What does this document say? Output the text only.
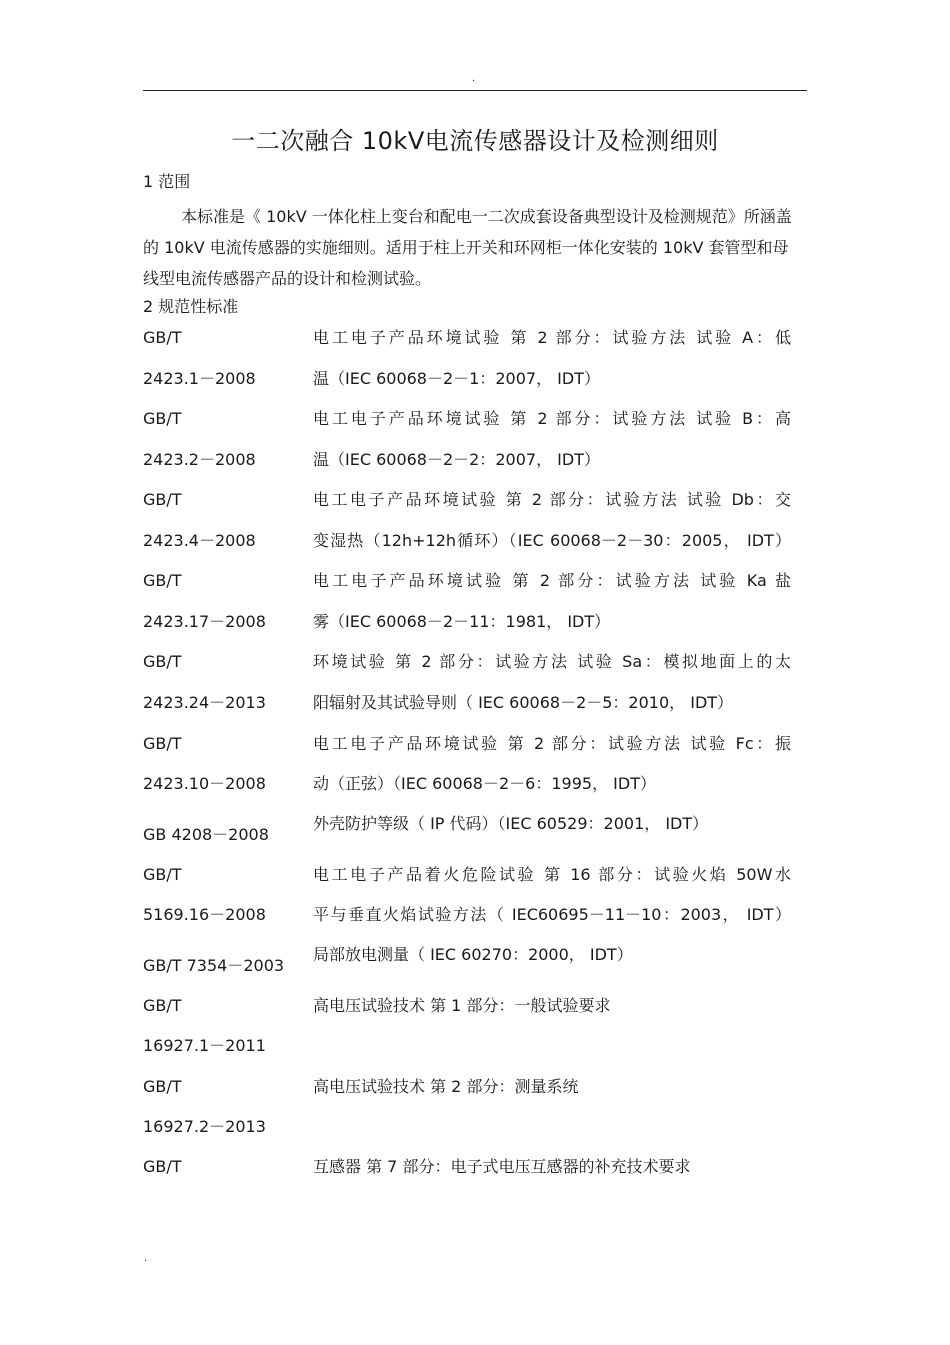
.
一二次融合 10kV电流传感器设计及检测细则
1 范围
本标准是《 10kV 一体化柱上变台和配电一二次成套设备典型设计及检测规范》所涵盖的 10kV 电流传感器的实施细则。适用于柱上开关和环网柜一体化安装的 10kV 套管型和母线型电流传感器产品的设计和检测试验。
2 规范性标准
GB/T
2423.1－2008
电工电子产品环境试验 第 2 部分：试验方法 试验 A：低
温（IEC 60068－2－1：2007， IDT）
GB/T
2423.2－2008
电工电子产品环境试验 第 2 部分：试验方法 试验 B：高
温（IEC 60068－2－2：2007， IDT）
GB/T
2423.4－2008
电工电子产品环境试验 第 2 部分：试验方法 试验 Db：交
变湿热（12h+12h循环）（IEC 60068－2－30：2005， IDT）
GB/T
2423.17－2008
电工电子产品环境试验 第 2 部分：试验方法 试验 Ka 盐
雾（IEC 60068－2－11：1981， IDT）
GB/T
2423.24－2013
环境试验 第 2 部分：试验方法 试验 Sa：模拟地面上的太
阳辐射及其试验导则（ IEC 60068－2－5：2010， IDT）
GB/T
2423.10－2008
电工电子产品环境试验 第 2 部分：试验方法 试验 Fc：振
动（正弦）（IEC 60068－2－6：1995， IDT）
GB 4208－2008
外壳防护等级（ IP 代码）（IEC 60529：2001， IDT）
GB/T
5169.16－2008
电工电子产品着火危险试验 第 16 部分：试验火焰 50W水
平与垂直火焰试验方法（ IEC60695－11－10：2003， IDT）
GB/T 7354－2003
局部放电测量（ IEC 60270：2000， IDT）
GB/T
16927.1－2011
高电压试验技术 第 1 部分：一般试验要求
GB/T
16927.2－2013
高电压试验技术 第 2 部分：测量系统
GB/T	互感器 第 7 部分：电子式电压互感器的补充技术要求
.
